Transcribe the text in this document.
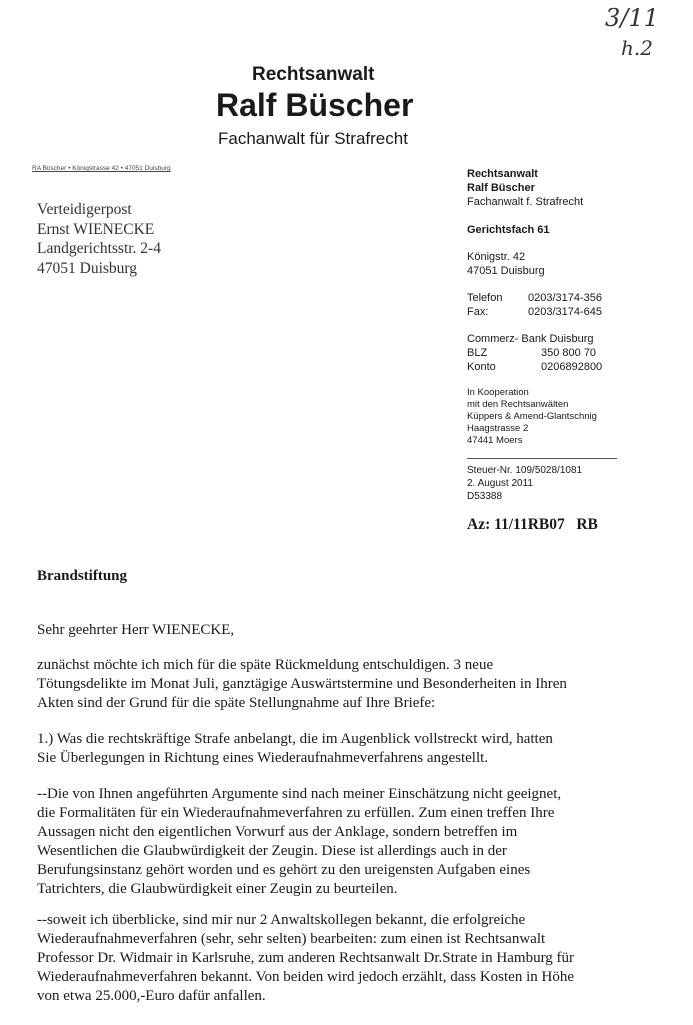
3/11
h.2
Rechtsanwalt
Ralf Büscher
Fachanwalt für Strafrecht
RA Büscher • Königstrasse 42 • 47051 Duisburg
Verteidigerpost
Ernst WIENECKE
Landgerichtsstr. 2-4
47051 Duisburg
Rechtsanwalt
Ralf Büscher
Fachanwalt f. Strafrecht
Gerichtsfach 61
Königstr. 42
47051 Duisburg
Telefon 0203/3174-356
Fax:	0203/3174-645
Commerz- Bank Duisburg
BLZ	350 800 70
Konto	0206892800
In Kooperation
mit den Rechtsanwälten
Küppers & Amend-Glantschnig
Haagstrasse 2
47441 Moers
Steuer-Nr. 109/5028/1081
2. August 2011
D53388
Az: 11/11RB07   RB
Brandstiftung
Sehr geehrter Herr WIENECKE,
zunächst möchte ich mich für die späte Rückmeldung entschuldigen. 3 neue
Tötungsdelikte im Monat Juli, ganztägige Auswärtstermine und Besonderheiten in Ihren
Akten sind der Grund für die späte Stellungnahme auf Ihre Briefe:
1.) Was die rechtskräftige Strafe anbelangt, die im Augenblick vollstreckt wird, hatten
Sie Überlegungen in Richtung eines Wiederaufnahmeverfahrens angestellt.
--Die von Ihnen angeführten Argumente sind nach meiner Einschätzung nicht geeignet,
die Formalitäten für ein Wiederaufnahmeverfahren zu erfüllen. Zum einen treffen Ihre
Aussagen nicht den eigentlichen Vorwurf aus der Anklage, sondern betreffen im
Wesentlichen die Glaubwürdigkeit der Zeugin. Diese ist allerdings auch in der
Berufungsinstanz gehört worden und es gehört zu den ureigensten Aufgaben eines
Tatrichters, die Glaubwürdigkeit einer Zeugin zu beurteilen.
--soweit ich überblicke, sind mir nur 2 Anwaltskollegen bekannt, die erfolgreiche
Wiederaufnahmeverfahren (sehr, sehr selten) bearbeiten: zum einen ist Rechtsanwalt
Professor Dr. Widmair in Karlsruhe, zum anderen Rechtsanwalt Dr.Strate in Hamburg für
Wiederaufnahmeverfahren bekannt. Von beiden wird jedoch erzählt, dass Kosten in Höhe
von etwa 25.000,-Euro dafür anfallen.
